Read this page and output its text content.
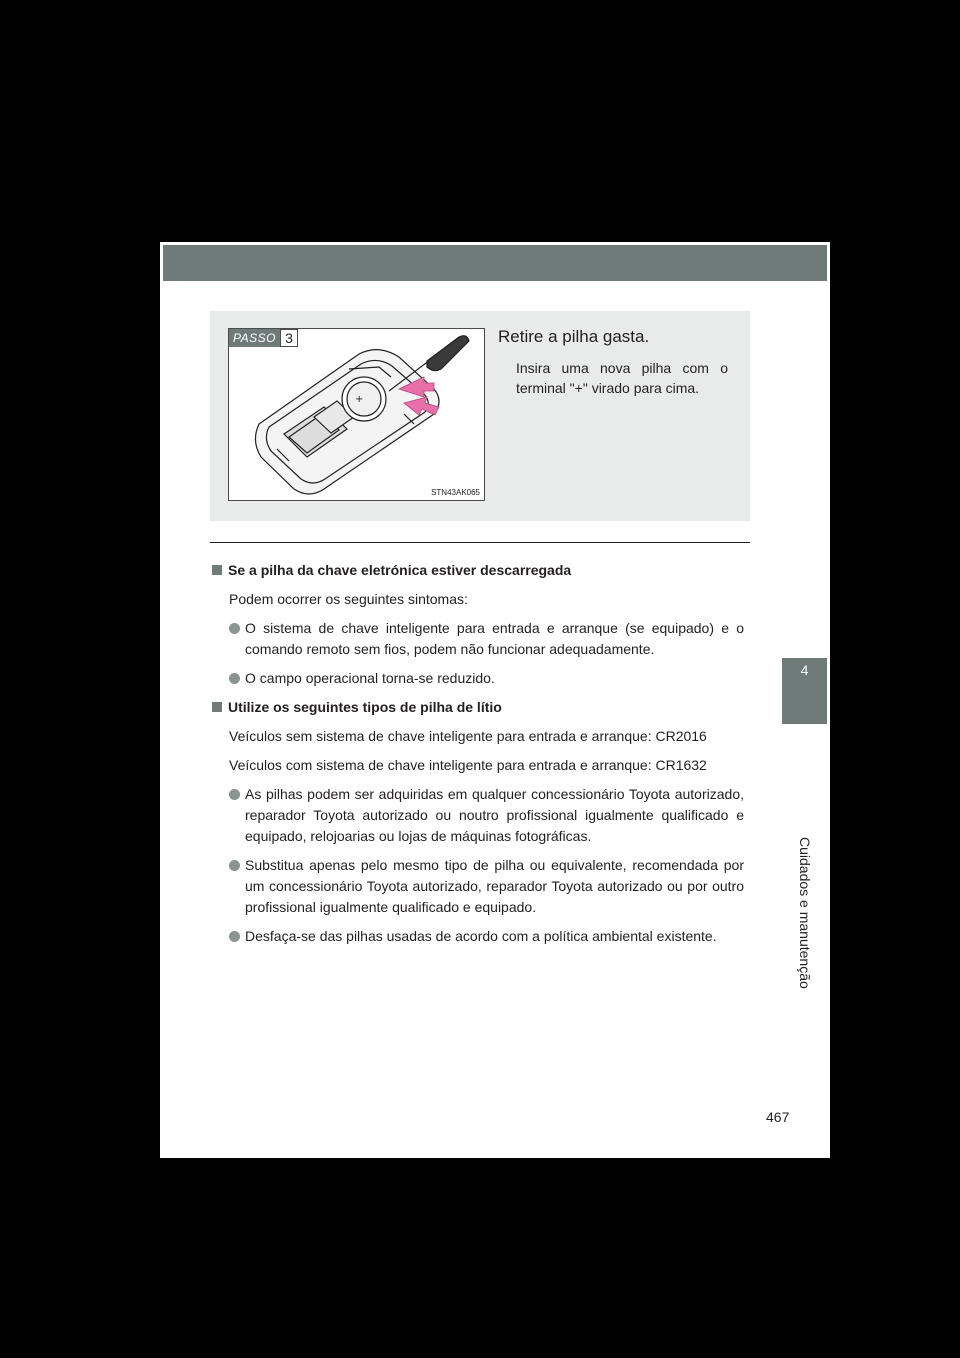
4
Cuidados e manutenção
+
PASSO 3
STN43AK065
Retire a pilha gasta.
Insira uma nova pilha com o terminal "+" virado para cima.

Se a pilha da chave eletrónica estiver descarregada

Podem ocorrer os seguintes sintomas:

O sistema de chave inteligente para entrada e arranque (se equipado) e o comando remoto sem fios, podem não funcionar adequadamente.
O campo operacional torna-se reduzido.

Utilize os seguintes tipos de pilha de lítio

Veículos sem sistema de chave inteligente para entrada e arranque: CR2016

Veículos com sistema de chave inteligente para entrada e arranque: CR1632

As pilhas podem ser adquiridas em qualquer concessionário Toyota autorizado, reparador Toyota autorizado ou noutro profissional igualmente qualificado e equipado, relojoarias ou lojas de máquinas fotográficas.
Substitua apenas pelo mesmo tipo de pilha ou equivalente, recomendada por um concessionário Toyota autorizado, reparador Toyota autorizado ou por outro profissional igualmente qualificado e equipado.
Desfaça-se das pilhas usadas de acordo com a política ambiental existente.
467
